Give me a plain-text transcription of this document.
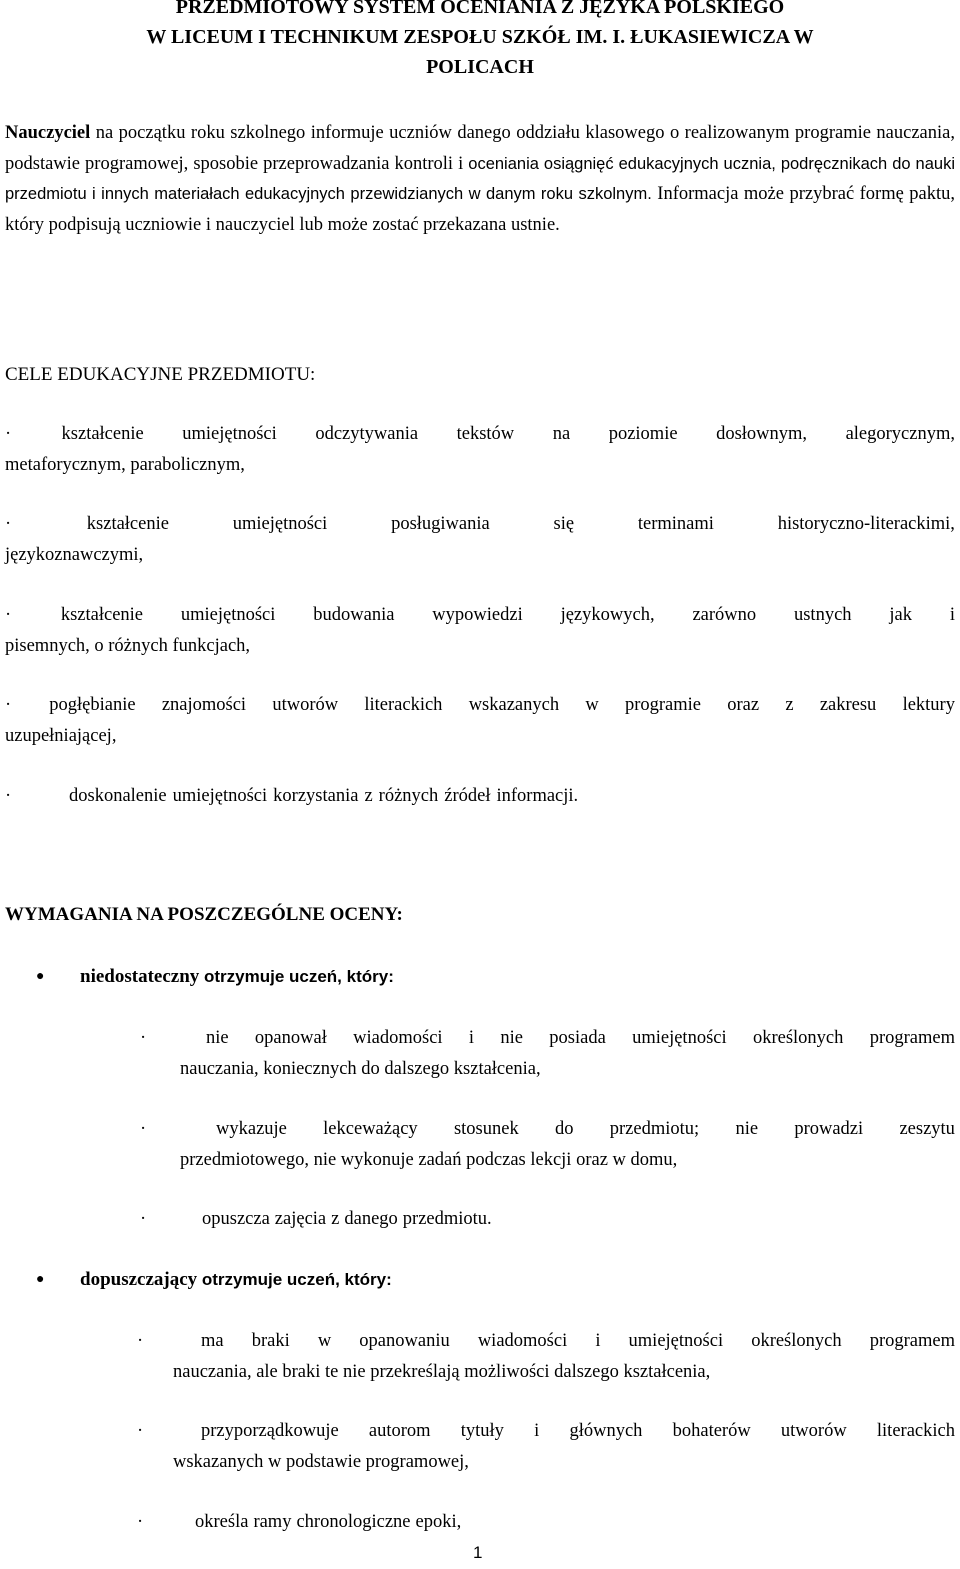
PRZEDMIOTOWY SYSTEM OCENIANIA Z JĘZYKA POLSKIEGO
W LICEUM I TECHNIKUM ZESPOŁU SZKÓŁ IM. I. ŁUKASIEWICZA W
POLICACH
Nauczyciel na początku roku szkolnego informuje uczniów danego oddziału klasowego o realizowanym programie nauczania, podstawie programowej, sposobie przeprowadzania kontroli i oceniania osiągnięć edukacyjnych ucznia, podręcznikach do nauki przedmiotu i innych materiałach edukacyjnych przewidzianych w danym roku szkolnym. Informacja może przybrać formę paktu, który podpisują uczniowie i nauczyciel lub może zostać przekazana ustnie.
CELE EDUKACYJNE PRZEDMIOTU:
·	kształcenie umiejętności odczytywania tekstów na poziomie dosłownym, alegorycznym,
metaforycznym, parabolicznym,
·	kształcenie	umiejętności	posługiwania	się	terminami	historyczno-literackimi,
językoznawczymi,
·	kształcenie umiejętności budowania wypowiedzi językowych, zarówno ustnych jak i
pisemnych, o różnych funkcjach,
·	pogłębianie znajomości utworów literackich wskazanych w programie oraz z zakresu lektury
uzupełniającej,
·	doskonalenie umiejętności korzystania z różnych źródeł informacji.
WYMAGANIA NA POSZCZEGÓLNE OCENY:
● niedostateczny otrzymuje uczeń, który:
·	nie opanował wiadomości i nie posiada umiejętności określonych programem
nauczania, koniecznych do dalszego kształcenia,
·	wykazuje lekceważący stosunek do przedmiotu; nie prowadzi zeszytu
przedmiotowego, nie wykonuje zadań podczas lekcji oraz w domu,
·	opuszcza zajęcia z danego przedmiotu.
● dopuszczający otrzymuje uczeń, który:
·	ma braki w opanowaniu wiadomości i umiejętności określonych programem
nauczania, ale braki te nie przekreślają możliwości dalszego kształcenia,
·	przyporządkowuje autorom tytuły i głównych bohaterów utworów literackich
wskazanych w podstawie programowej,
·	określa ramy chronologiczne epoki,
1
